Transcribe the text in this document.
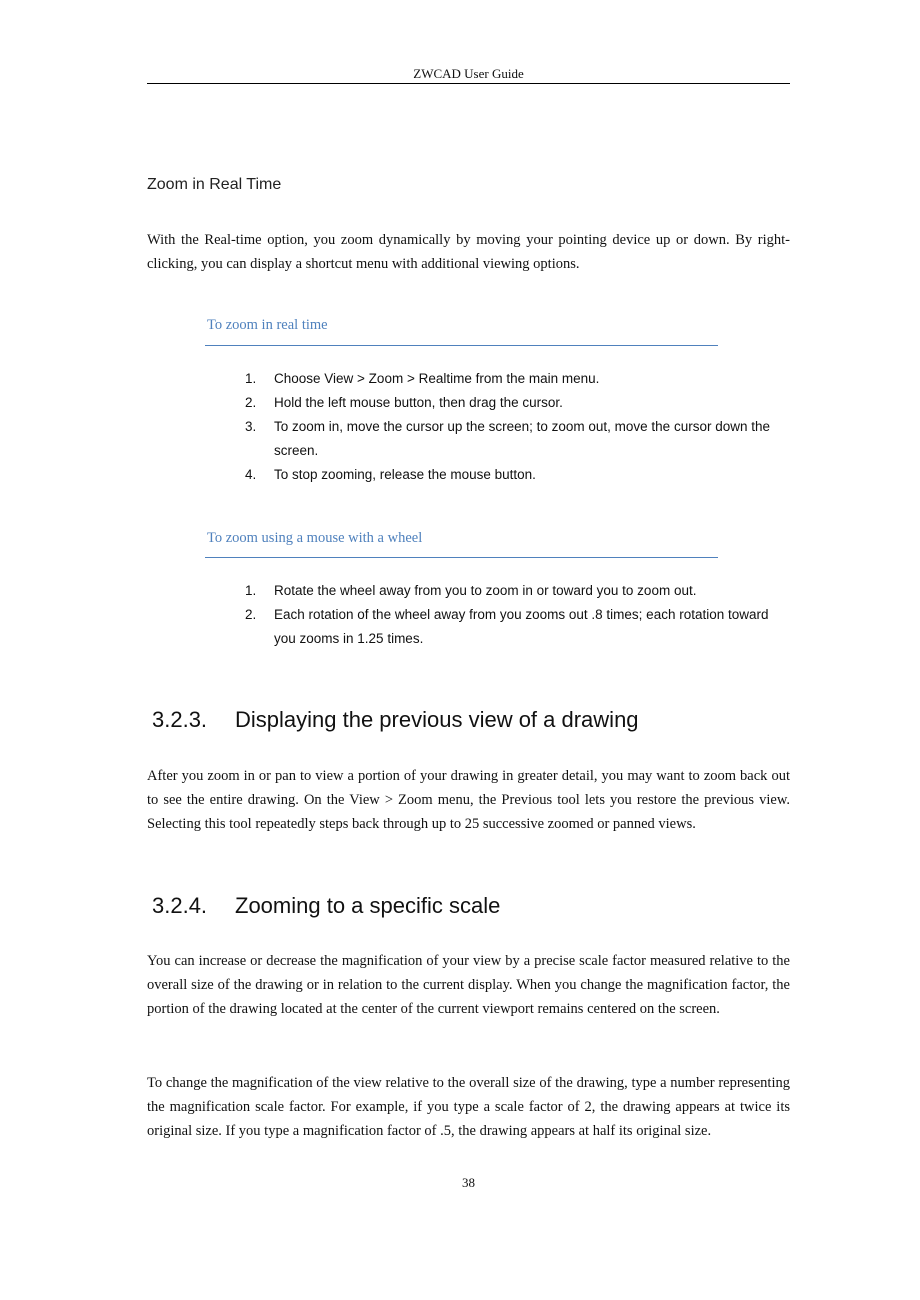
ZWCAD User Guide
Zoom in Real Time
With the Real-time option, you zoom dynamically by moving your pointing device up or down. By right-clicking, you can display a shortcut menu with additional viewing options.
To zoom in real time
1.	Choose View > Zoom > Realtime from the main menu.
2.	Hold the left mouse button, then drag the cursor.
3.	To zoom in, move the cursor up the screen; to zoom out, move the cursor down the screen.
4.	To stop zooming, release the mouse button.
To zoom using a mouse with a wheel
1.	Rotate the wheel away from you to zoom in or toward you to zoom out.
2.	Each rotation of the wheel away from you zooms out .8 times; each rotation toward you zooms in 1.25 times.
3.2.3. Displaying the previous view of a drawing
After you zoom in or pan to view a portion of your drawing in greater detail, you may want to zoom back out to see the entire drawing. On the View > Zoom menu, the Previous tool lets you restore the previous view. Selecting this tool repeatedly steps back through up to 25 successive zoomed or panned views.
3.2.4. Zooming to a specific scale
You can increase or decrease the magnification of your view by a precise scale factor measured relative to the overall size of the drawing or in relation to the current display. When you change the magnification factor, the portion of the drawing located at the center of the current viewport remains centered on the screen.
To change the magnification of the view relative to the overall size of the drawing, type a number representing the magnification scale factor. For example, if you type a scale factor of 2, the drawing appears at twice its original size. If you type a magnification factor of .5, the drawing appears at half its original size.
38
